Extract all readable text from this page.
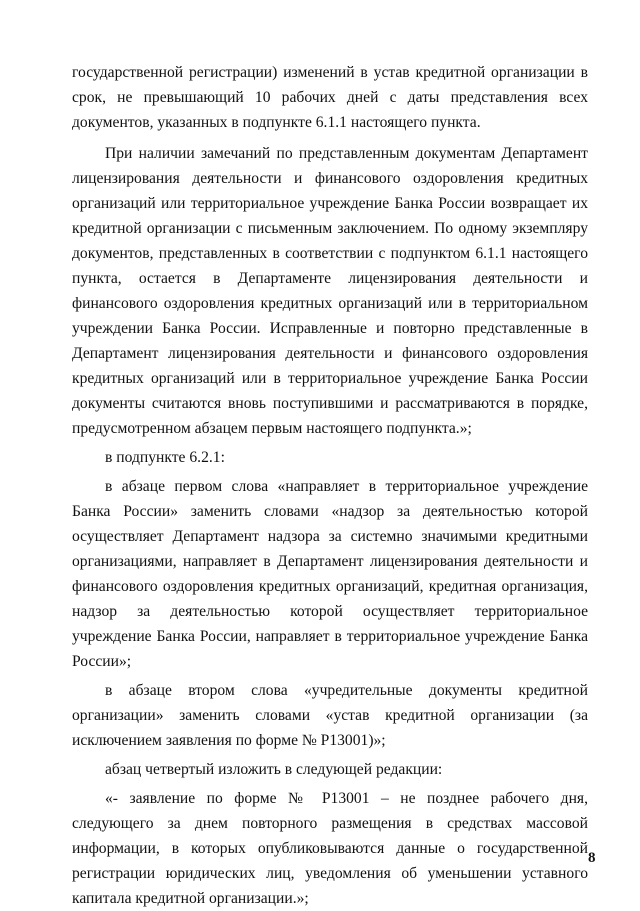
государственной регистрации) изменений в устав кредитной организации в срок, не превышающий 10 рабочих дней с даты представления всех документов, указанных в подпункте 6.1.1 настоящего пункта.

При наличии замечаний по представленным документам Департамент лицензирования деятельности и финансового оздоровления кредитных организаций или территориальное учреждение Банка России возвращает их кредитной организации с письменным заключением. По одному экземпляру документов, представленных в соответствии с подпунктом 6.1.1 настоящего пункта, остается в Департаменте лицензирования деятельности и финансового оздоровления кредитных организаций или в территориальном учреждении Банка России. Исправленные и повторно представленные в Департамент лицензирования деятельности и финансового оздоровления кредитных организаций или в территориальное учреждение Банка России документы считаются вновь поступившими и рассматриваются в порядке, предусмотренном абзацем первым настоящего подпункта.»;

в подпункте 6.2.1:

в абзаце первом слова «направляет в территориальное учреждение Банка России» заменить словами «надзор за деятельностью которой осуществляет Департамент надзора за системно значимыми кредитными организациями, направляет в Департамент лицензирования деятельности и финансового оздоровления кредитных организаций, кредитная организация, надзор за деятельностью которой осуществляет территориальное учреждение Банка России, направляет в территориальное учреждение Банка России»;

в абзаце втором слова «учредительные документы кредитной организации» заменить словами «устав кредитной организации (за исключением заявления по форме № Р13001)»;

абзац четвертый изложить в следующей редакции:

«- заявление по форме № Р13001 – не позднее рабочего дня, следующего за днем повторного размещения в средствах массовой информации, в которых опубликовываются данные о государственной регистрации юридических лиц, уведомления об уменьшении уставного капитала кредитной организации.»;

8
